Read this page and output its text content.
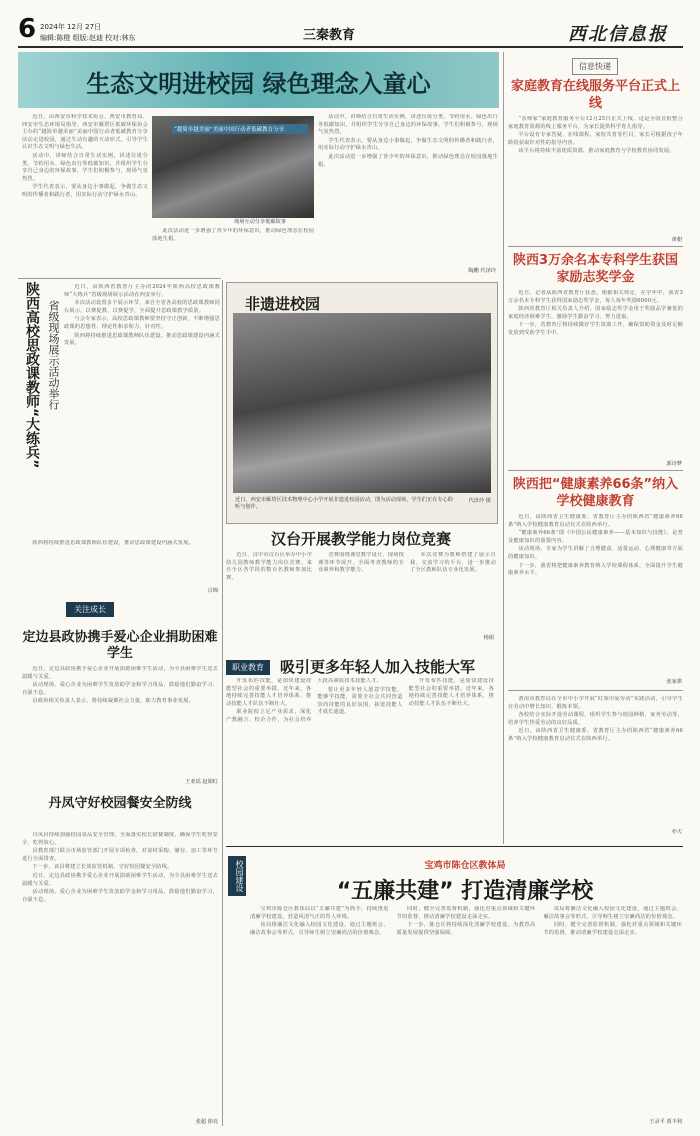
6 2024年 12月 27日
编辑:陈橙 组版:赵迪 校对:林东	三秦教育	西北信息报
生态文明进校园 绿色理念入童心

近日，由西安市科学技术协会、西安市教育局、西安市生态环境局指导，西安市雁塔区低碳环保协会主办的“越简单越美丽”美丽中国行动者低碳教育分享活动走进校园，通过生动有趣的互动形式，引导学生认识生态文明与绿色生活。

活动中，讲师结合日常生活实例，讲述垃圾分类、节约用水、绿色出行等低碳知识，并组织学生分享自己身边的环保故事。学生们积极参与，现场气氛热烈。

学生代表表示，要从身边小事做起，争做生态文明的传播者和践行者，用实际行动守护绿水青山。

“越简单越美丽”美丽中国行动者低碳教育分享
现场互动分享低碳故事

此次活动进一步增强了青少年的环保意识，推动绿色理念在校园落地生根。

活动中，讲师结合日常生活实例，讲述垃圾分类、节约用水、绿色出行等低碳知识，并组织学生分享自己身边的环保故事。学生们积极参与，现场气氛热烈。

学生代表表示，要从身边小事做起，争做生态文明的传播者和践行者，用实际行动守护绿水青山。

此次活动进一步增强了青少年的环保意识，推动绿色理念在校园落地生根。

陶鹏 代泽玲
陕西高校思政课教师“大练兵” 省级现场展示活动举行

近日，由陕西省教育厅主办的2024年陕西高校思政课教师“大练兵”省级现场展示活动在西安举行。

本次活动设置多个展示环节，来自全省各高校的思政课教师同台展示，以赛促教、以赛促学，全面提升思政课教学质量。

与会专家表示，高校思政课教师要坚持守正创新，不断增强思政课的思想性、理论性和亲和力、针对性。

陕西将持续推进思政课教师队伍建设，推动思政课建设内涵式发展。

陕西将持续推进思政课教师队伍建设，推动思政课建设内涵式发展。

吕锦
关注成长
定边县政协携手爱心企业捐助困难学生

近日，定边县政协携手爱心企业开展捐助困难学生活动，为全县困难学生送去温暖与关爱。

活动现场，爱心企业为困难学生发放助学金和学习用品，鼓励他们勤奋学习、自强不息。

县政协相关负责人表示，将持续凝聚社会力量，助力教育事业发展。

王亚瑶 赵娟红
丹凤守好校园餐安全防线

丹凤县持续加强校园食品安全管理，全面落实校长陪餐制度，确保学生吃得安全、吃得放心。

县教育部门联合市场监管部门开展专项检查，对食材采购、储存、加工等环节进行全面排查。

下一步，该县将建立长效监管机制，守好校园餐安全防线。

近日，定边县政协携手爱心企业开展捐助困难学生活动，为全县困难学生送去温暖与关爱。

活动现场，爱心企业为困难学生发放助学金和学习用品，鼓励他们勤奋学习、自强不息。

张超 徐亮
非遗进校园
近日，西安市雁塔区技术物理中心小学开展非遗进校园活动，图为活动现场，学生们正在专心聆听与创作。
代泽玲 摄
汉台开展教学能力岗位竞赛

近日，汉中市汉台区举办中小学幼儿园教师教学能力岗位竞赛。来自全区各学段的数百名教师参加比赛。

竞赛围绕课堂教学设计、现场授课等环节展开，全面考查教师的专业素养和教学能力。

本次竞赛为教师搭建了展示自我、交流学习的平台，进一步推动了全区教师队伍专业化发展。

杨娟
职业教育	吸引更多年轻人加入技能大军

开发布匹技能，是加快建设技能型社会的重要举措。近年来，各地持续完善技能人才培养体系，推动技能人才队伍不断壮大。

职业院校立足产业需求，深化产教融合、校企合作，为社会培养大批高素质技术技能人才。

要让更多年轻人愿意学技能、能够学技能，需要全社会共同营造崇尚技能的良好氛围，拓宽技能人才成长通道。

开发布匹技能，是加快建设技能型社会的重要举措。近年来，各地持续完善技能人才培养体系，推动技能人才队伍不断壮大。

信息快递
家庭教育在线服务平台正式上线

“亲师家”家庭教育服务平台12月25日正式上线。这是全国首批整合家庭教育资源的线上服务平台，为家长提供科学育儿指导。

平台设有专家答疑、在线课程、家校共育等栏目，家长可根据孩子年龄段获取针对性的指导内容。

该平台将持续丰富优质资源，推动家庭教育与学校教育协同发展。

黄朝
陕西3万余名本专科学生获国家励志奖学金

近日，记者从陕西省教育厅获悉，根据相关规定，在学年中，我省3万余名本专科学生获得国家励志奖学金，每人每年奖励6000元。

陕西省教育厅相关负责人介绍，国家励志奖学金用于奖励品学兼优的家庭经济困难学生，激励学生勤奋学习、努力进取。

下一步，省教育厅将持续做好学生资助工作，确保资助资金及时足额发放到受助学生手中。

郭诗梦
陕西把“健康素养66条”纳入学校健康教育

近日，由陕西省卫生健康委、省教育厅主办的陕西省“健康素养66条”纳入学校健康教育启动仪式在陕西举行。

“健康素养66条”即《中国公民健康素养——基本知识与技能》，是普及健康知识的重要内容。

活动现场，专家为学生讲解了合理膳食、适量运动、心理健康等方面的健康知识。

下一步，我省将把健康素养教育纳入学校课程体系，全面提升学生健康素养水平。

张家祺

渭南市教育局在全市中小学开展“红领巾爱劳动”实践活动，引导学生在劳动中增长知识、锻炼本领。

各校结合实际开设劳动课程，组织学生参与校园种植、家务劳动等，培养学生热爱劳动的良好品质。

近日，由陕西省卫生健康委、省教育厅主办的陕西省“健康素养66条”纳入学校健康教育启动仪式在陕西举行。

亦天
校园建设	宝鸡市陈仓区教体局
“五廉共建” 打造清廉学校

宝鸡市陈仓区教体局以“五廉共建”为抓手，持续推进清廉学校建设，营造风清气正的育人环境。

该局将廉洁文化融入校园文化建设，通过主题班会、廉洁故事会等形式，引导师生树立崇廉尚洁的价值观念。

同时，健全完善监督机制，强化对重点领域和关键环节的监督，推动清廉学校建设走深走实。

下一步，陈仓区将持续深化清廉学校建设，为教育高质量发展提供坚强保障。

该局将廉洁文化融入校园文化建设，通过主题班会、廉洁故事会等形式，引导师生树立崇廉尚洁的价值观念。

同时，健全完善监督机制，强化对重点领域和关键环节的监督，推动清廉学校建设走深走实。

王录平 贾丰利
